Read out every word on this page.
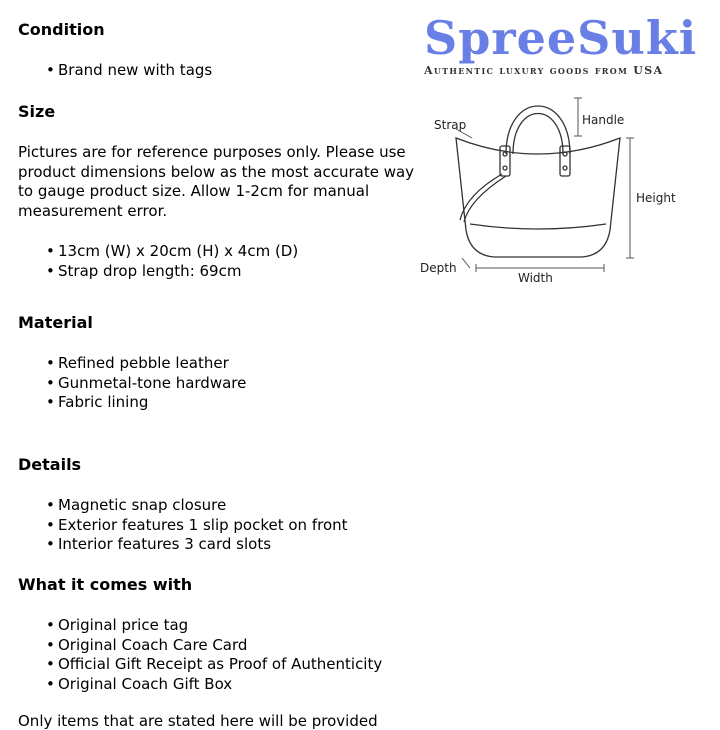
Condition
• Brand new with tags
Size
Pictures are for reference purposes only. Please use product dimensions below as the most accurate way to gauge product size. Allow 1-2cm for manual measurement error.
• 13cm (W) x 20cm (H) x 4cm (D)
• Strap drop length: 69cm
Material
• Refined pebble leather
• Gunmetal-tone hardware
• Fabric lining
Details
• Magnetic snap closure
• Exterior features 1 slip pocket on front
• Interior features 3 card slots
What it comes with
• Original price tag
• Original Coach Care Card
• Official Gift Receipt as Proof of Authenticity
• Original Coach Gift Box
Only items that are stated here will be provided
SpreeSuki
Authentic luxury goods from USA
Strap	Handle
Height
Depth
Width
